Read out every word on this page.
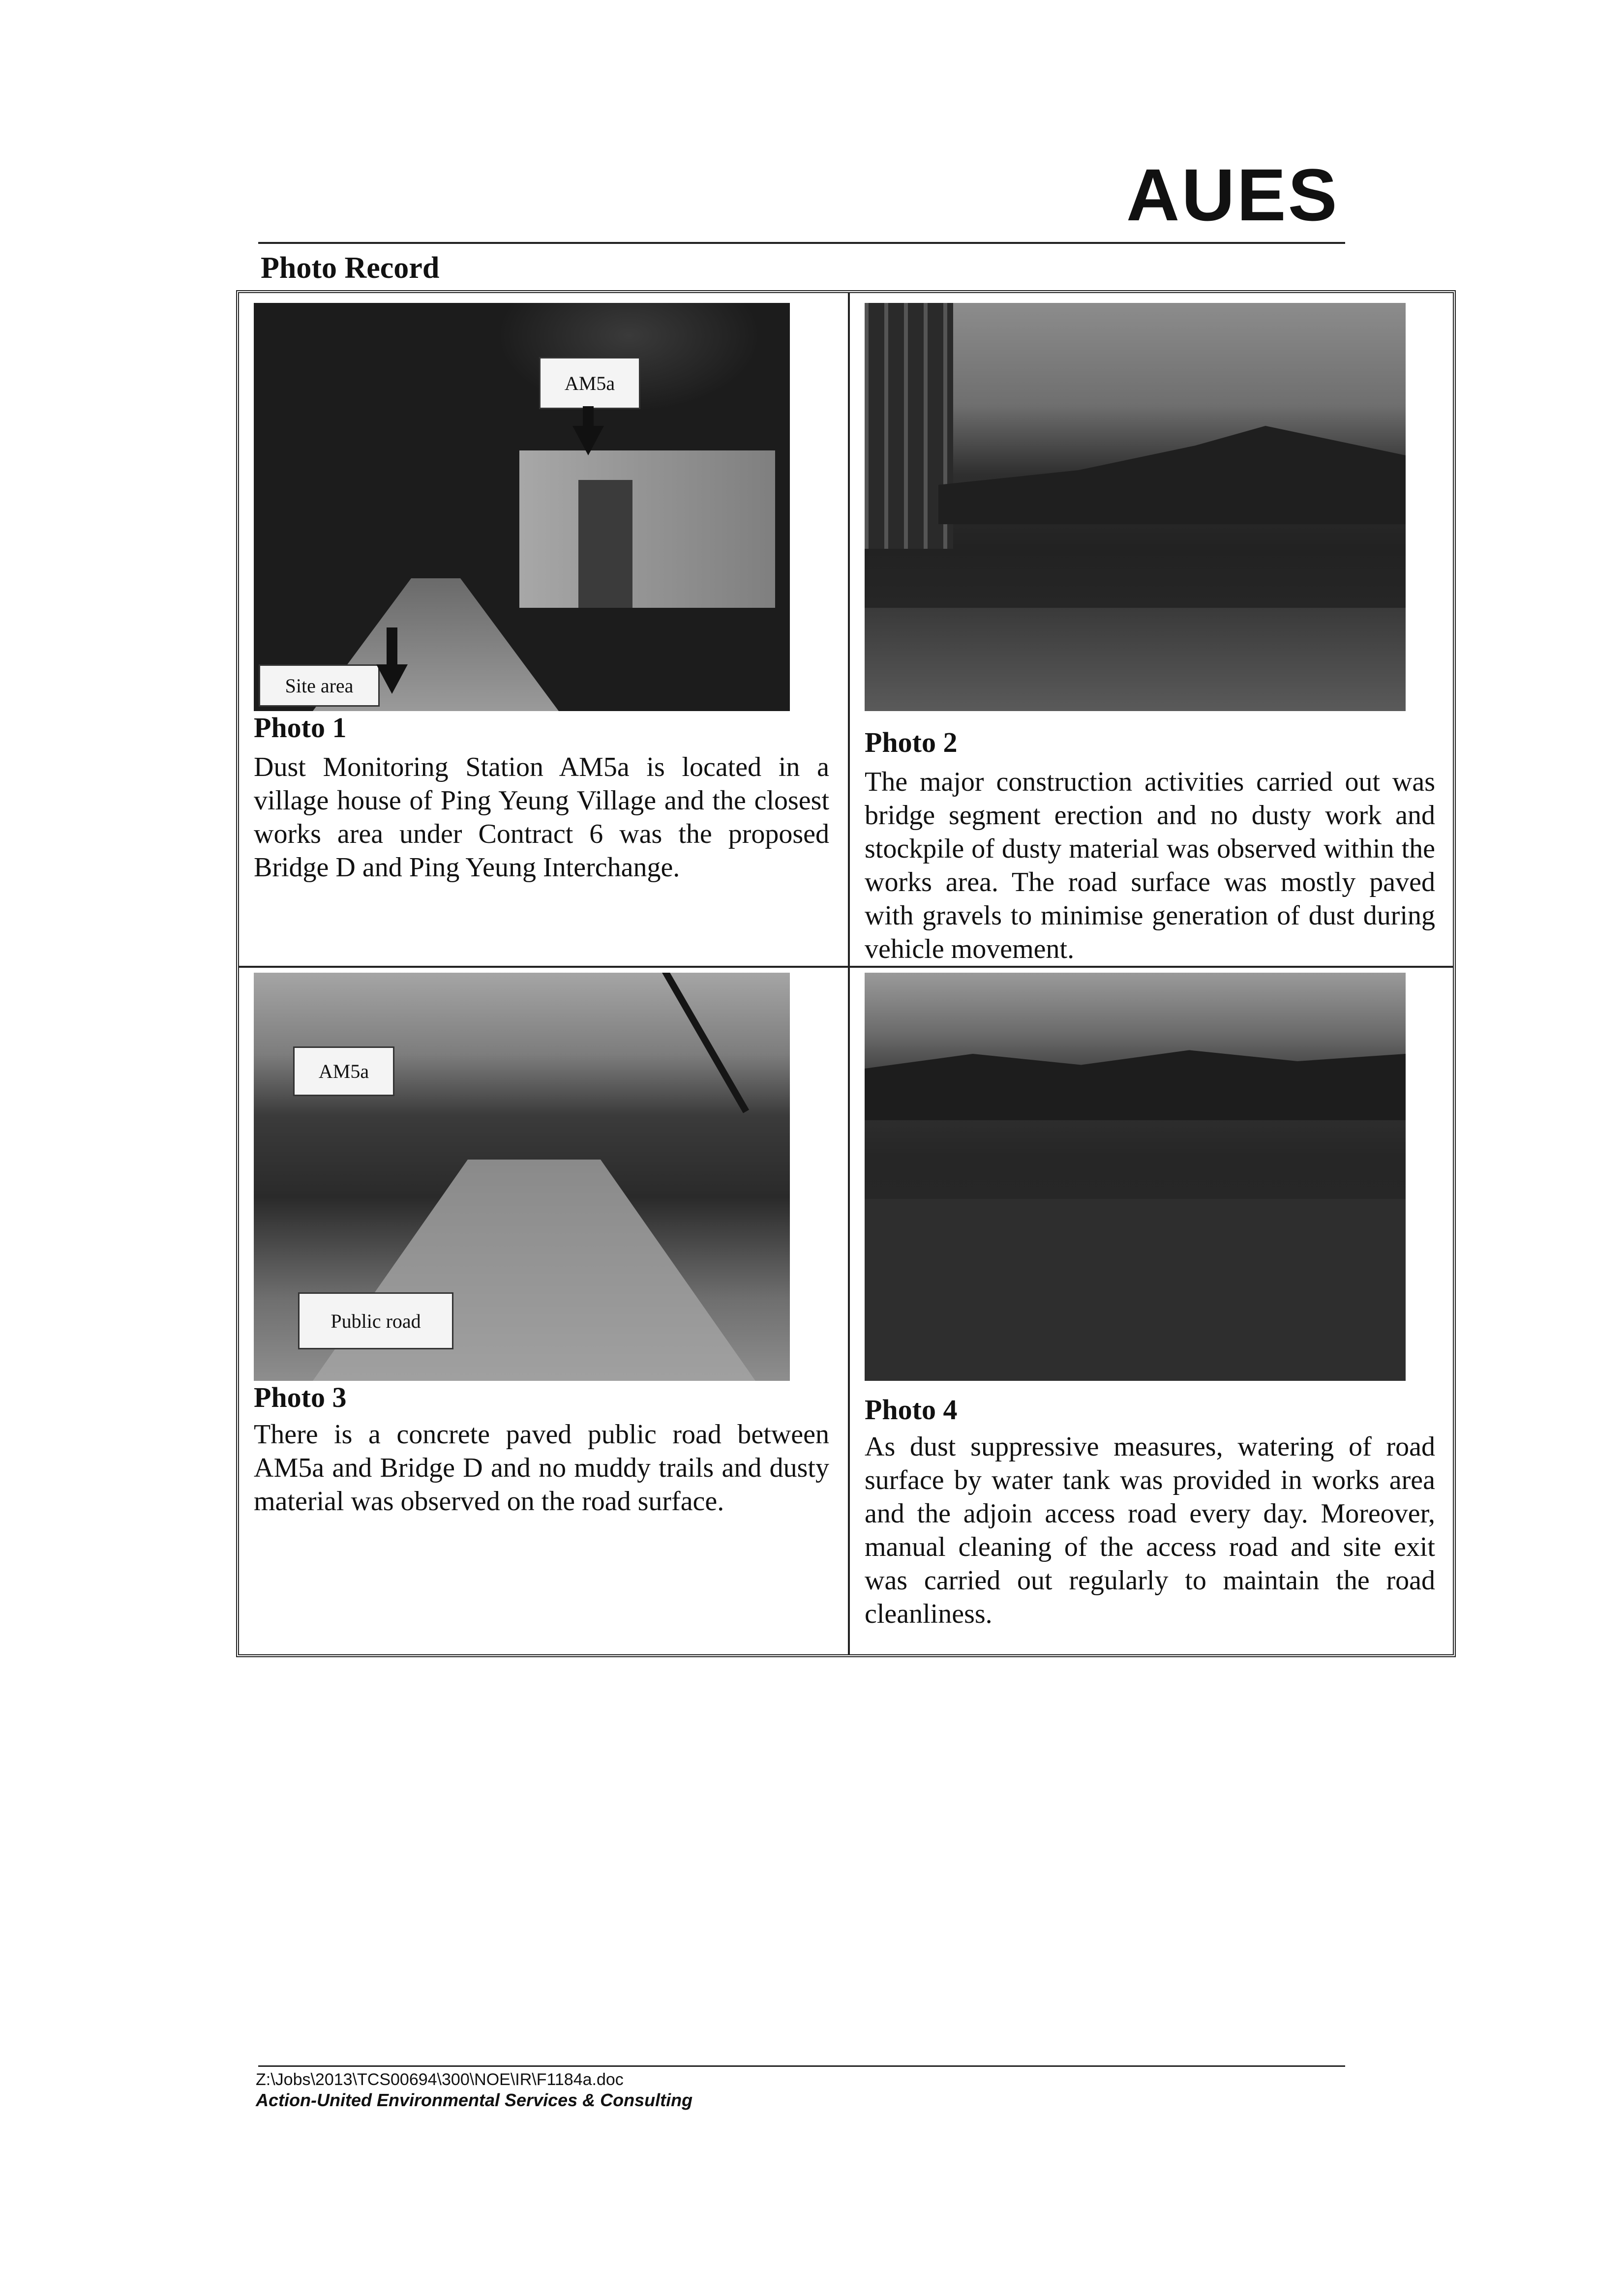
AUES
Photo Record
AM5a
Site area
Photo 1
Dust Monitoring Station AM5a is located in a village house of Ping Yeung Village and the closest works area under Contract 6 was the proposed Bridge D and Ping Yeung Interchange.
Photo 2
The major construction activities carried out was bridge segment erection and no dusty work and stockpile of dusty material was observed within the works area. The road surface was mostly paved with gravels to minimise generation of dust during vehicle movement.
AM5a
Public road
Photo 3
There is a concrete paved public road between AM5a and Bridge D and no muddy trails and dusty material was observed on the road surface.
Photo 4
As dust suppressive measures, watering of road surface by water tank was provided in works area and the adjoin access road every day. Moreover, manual cleaning of the access road and site exit was carried out regularly to maintain the road cleanliness.
Z:\Jobs\2013\TCS00694\300\NOE\IR\F1184a.doc
Action-United Environmental Services & Consulting
